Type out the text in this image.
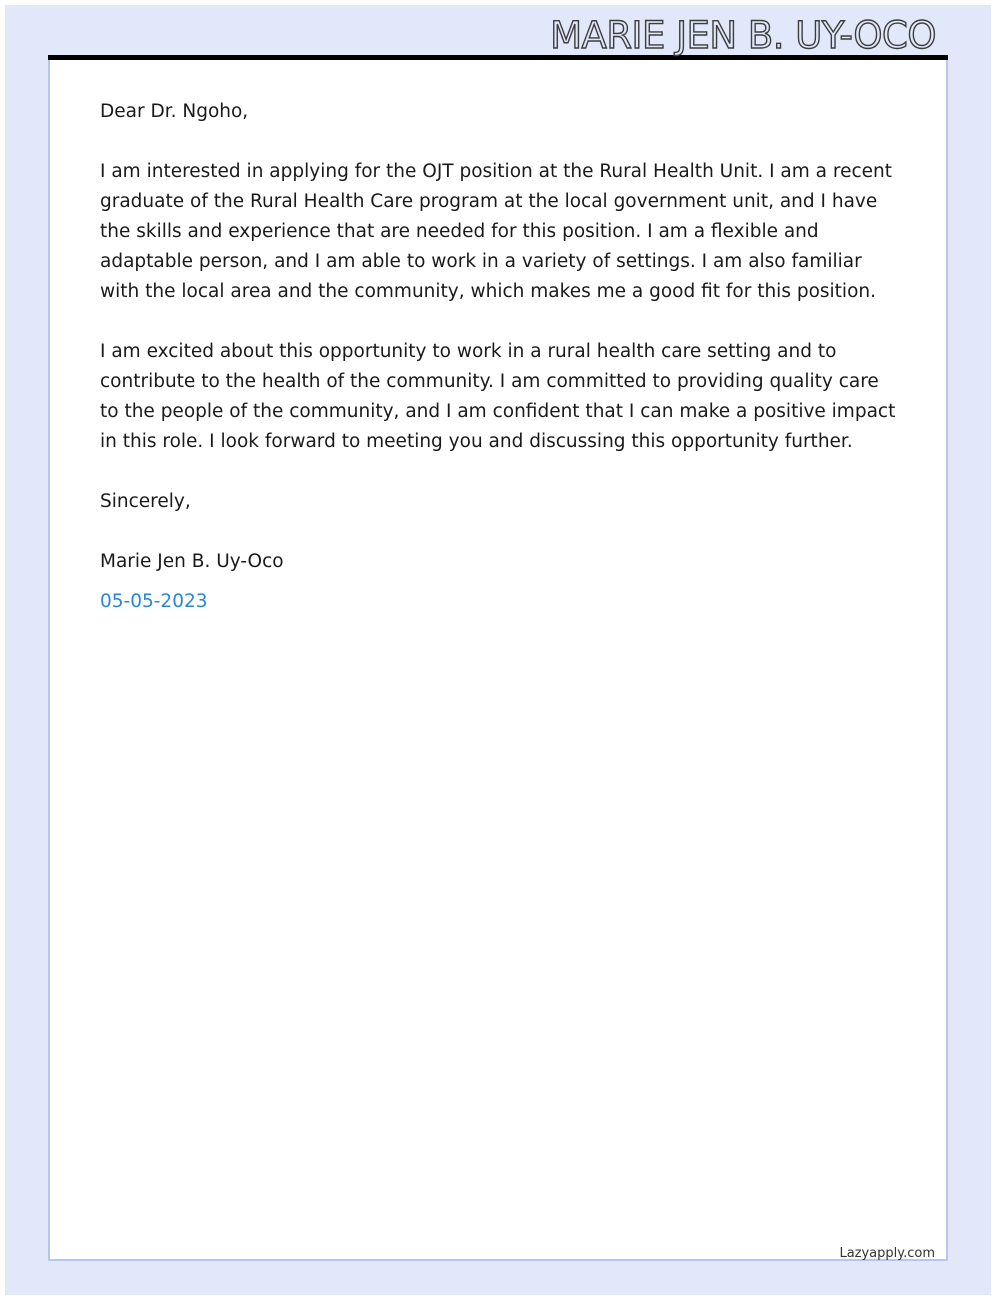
MARIE JEN B. UY-OCO

Dear Dr. Ngoho,

I am interested in applying for the OJT position at the Rural Health Unit. I am a recent graduate of the Rural Health Care program at the local government unit, and I have the skills and experience that are needed for this position. I am a flexible and adaptable person, and I am able to work in a variety of settings. I am also familiar with the local area and the community, which makes me a good fit for this position.

I am excited about this opportunity to work in a rural health care setting and to contribute to the health of the community. I am committed to providing quality care to the people of the community, and I am confident that I can make a positive impact in this role. I look forward to meeting you and discussing this opportunity further.

Sincerely,

Marie Jen B. Uy-Oco

05-05-2023

Lazyapply.com
